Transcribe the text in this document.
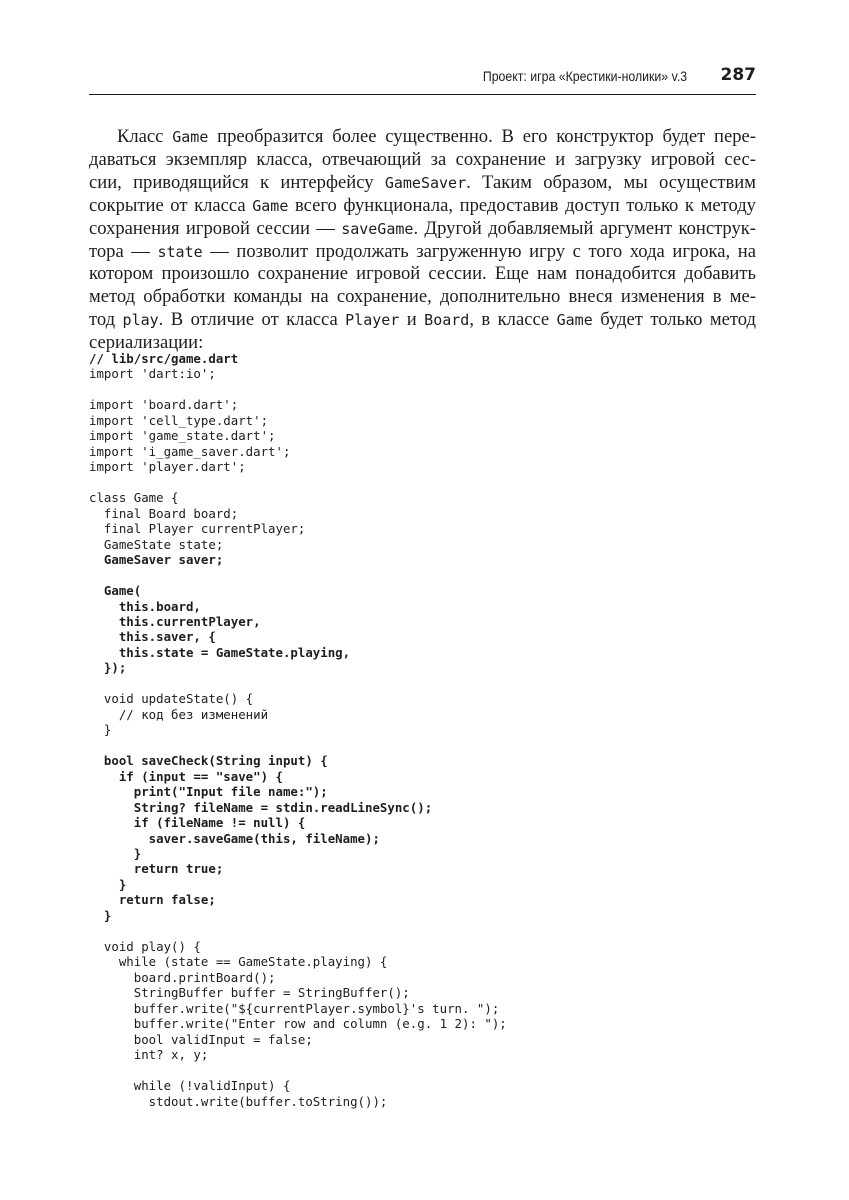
Проект: игра «Крестики-нолики» v.3 287
Класс Game преобразится более существенно. В его конструктор будет пере-
даваться экземпляр класса, отвечающий за сохранение и загрузку игровой сес-
сии, приводящийся к интерфейсу GameSaver. Таким образом, мы осуществим
сокрытие от класса Game всего функционала, предоставив доступ только к методу
сохранения игровой сессии — saveGame. Другой добавляемый аргумент конструк-
тора — state — позволит продолжать загруженную игру с того хода игрока, на
котором произошло сохранение игровой сессии. Еще нам понадобится добавить
метод обработки команды на сохранение, дополнительно внеся изменения в ме-
тод play. В отличие от класса Player и Board, в классе Game будет только метод
сериализации:
// lib/src/game.dart
import 'dart:io';
import 'board.dart';
import 'cell_type.dart';
import 'game_state.dart';
import 'i_game_saver.dart';
import 'player.dart';
class Game {
final Board board;
final Player currentPlayer;
GameState state;
GameSaver saver;
Game(
this.board,
this.currentPlayer,
this.saver, {
this.state = GameState.playing,
});
void updateState() {
// код без изменений
}
bool saveCheck(String input) {
if (input == "save") {
print("Input file name:");
String? fileName = stdin.readLineSync();
if (fileName != null) {
saver.saveGame(this, fileName);
}
return true;
}
return false;
}
void play() {
while (state == GameState.playing) {
board.printBoard();
StringBuffer buffer = StringBuffer();
buffer.write("${currentPlayer.symbol}'s turn. ");
buffer.write("Enter row and column (e.g. 1 2): ");
bool validInput = false;
int? x, y;
while (!validInput) {
stdout.write(buffer.toString());
